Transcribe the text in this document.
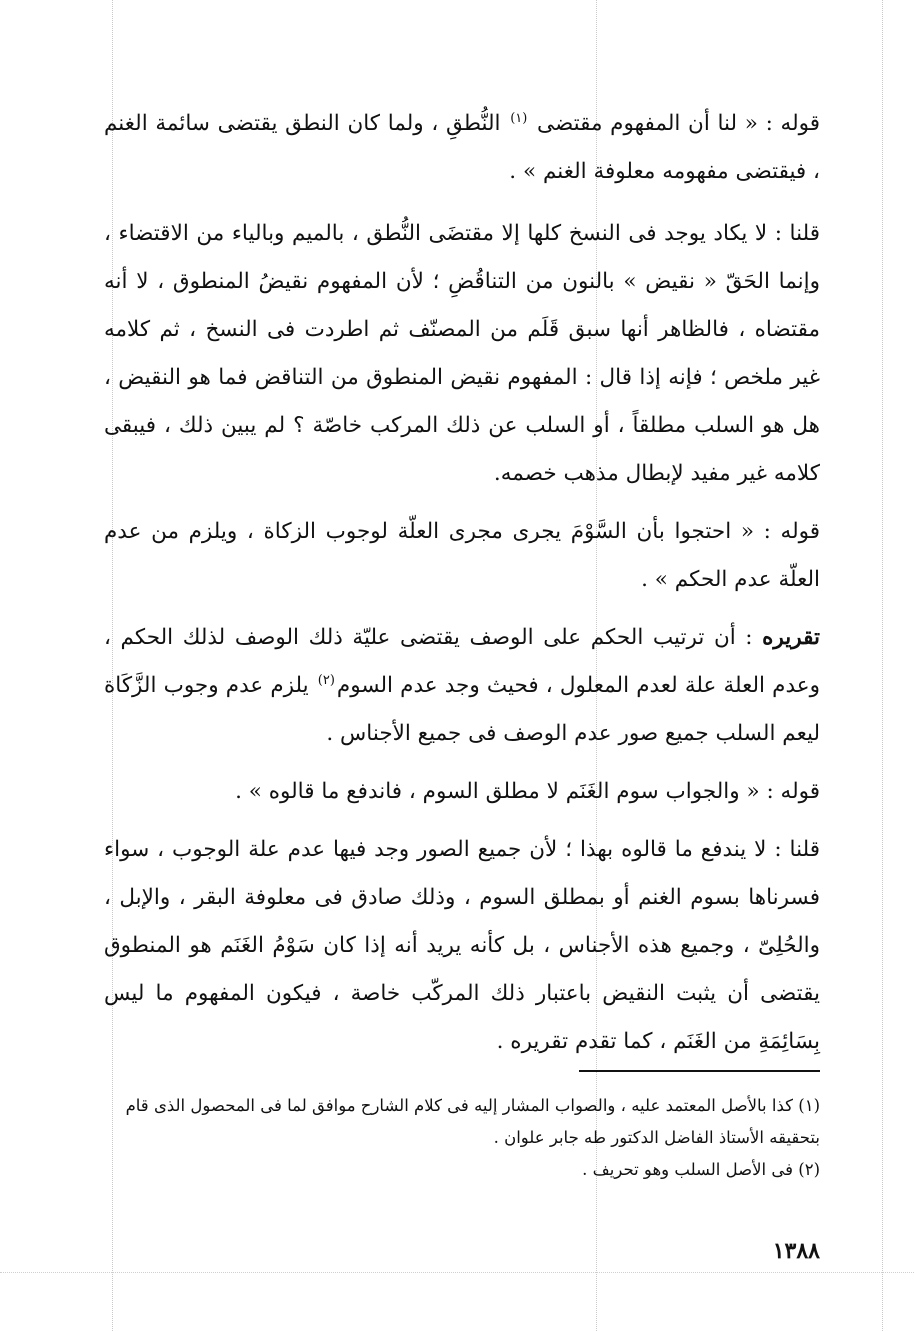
قوله : « لنا أن المفهوم مقتضى $^{(١)}$ النُّطقِ ، ولما كان النطق يقتضى سائمة الغنم ، فيقتضى مفهومه معلوفة الغنم » .

قلنا : لا يكاد يوجد فى النسخ كلها إلا مقتضَى النُّطق ، بالميم وبالياء من الاقتضاء ، وإنما الحَقّ « نقيض » بالنون من التناقُضِ ؛ لأن المفهوم نقيضُ المنطوق ، لا أنه مقتضاه ، فالظاهر أنها سبق قَلَم من المصنّف ثم اطردت فى النسخ ، ثم كلامه غير ملخص ؛ فإنه إذا قال : المفهوم نقيض المنطوق من التناقض فما هو النقيض ، هل هو السلب مطلقاً ، أو السلب عن ذلك المركب خاصّة ؟ لم يبين ذلك ، فيبقى كلامه غير مفيد لإبطال مذهب خصمه.

قوله : « احتجوا بأن السَّوْمَ يجرى مجرى العلّة لوجوب الزكاة ، ويلزم من عدم العلّة عدم الحكم » .

تقريره : أن ترتيب الحكم على الوصف يقتضى عليّة ذلك الوصف لذلك الحكم ، وعدم العلة علة لعدم المعلول ، فحيث وجد عدم السوم$^{(٢)}$ يلزم عدم وجوب الزَّكَاة ليعم السلب جميع صور عدم الوصف فى جميع الأجناس .

قوله : « والجواب سوم الغَنَم لا مطلق السوم ، فاندفع ما قالوه » .

قلنا : لا يندفع ما قالوه بهذا ؛ لأن جميع الصور وجد فيها عدم علة الوجوب ، سواء فسرناها بسوم الغنم أو بمطلق السوم ، وذلك صادق فى معلوفة البقر ، والإبل ، والحُلِىّ ، وجميع هذه الأجناس ، بل كأنه يريد أنه إذا كان سَوْمُ الغَنَم هو المنطوق يقتضى أن يثبت النقيض باعتبار ذلك المركّب خاصة ، فيكون المفهوم ما ليس بِسَائِمَةِ من الغَنَم ، كما تقدم تقريره .

(١) كذا بالأصل المعتمد عليه ، والصواب المشار إليه فى كلام الشارح موافق لما فى المحصول الذى قام بتحقيقه الأستاذ الفاضل الدكتور طه جابر علوان .

(٢) فى الأصل السلب وهو تحريف .

١٣٨٨
